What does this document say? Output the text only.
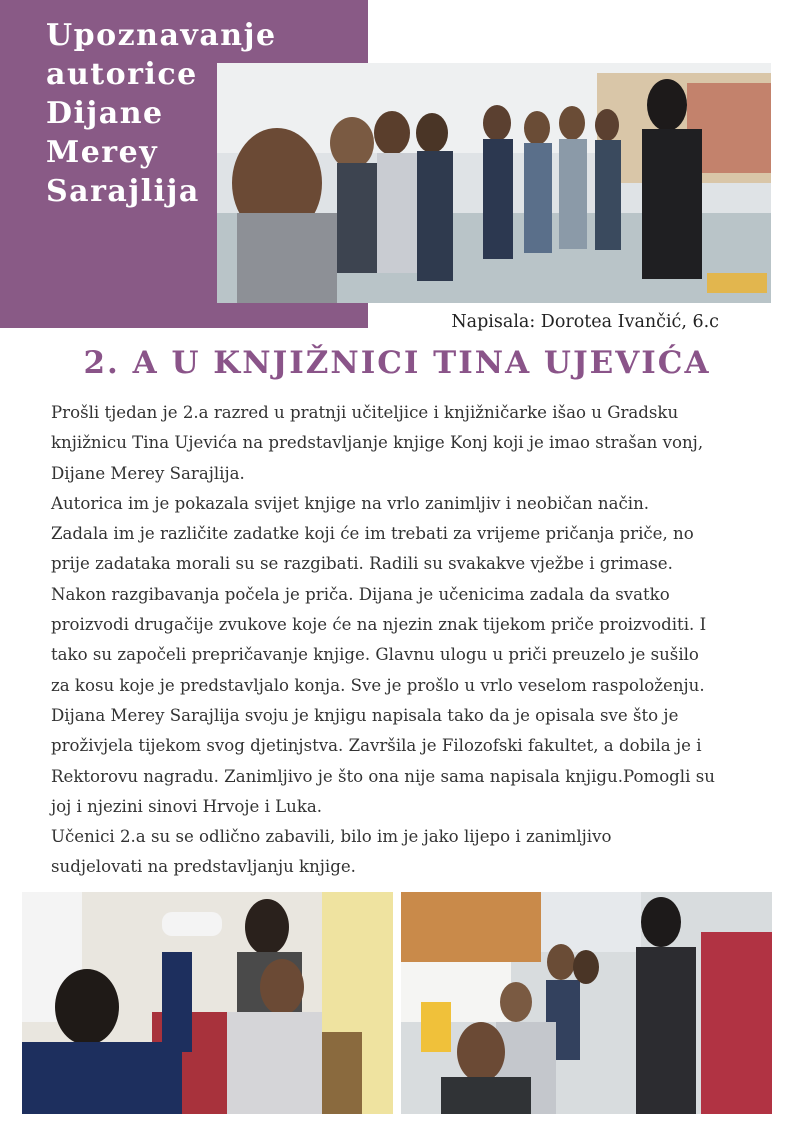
Upoznavanje
autorice
Dijane
Merey
Sarajlija
Napisala: Dorotea Ivančić, 6.c
2. A U KNJIŽNICI TINA UJEVIĆA
Prošli tjedan je 2.a razred u pratnji učiteljice i knjižničarke išao u Gradsku
knjižnicu Tina Ujevića na predstavljanje knjige Konj koji je imao strašan vonj,
Dijane Merey Sarajlija.
Autorica im je pokazala svijet knjige na vrlo zanimljiv i neobičan način.
Zadala im je različite zadatke koji će im trebati za vrijeme pričanja priče, no
prije zadataka morali su se razgibati. Radili su svakakve vježbe i grimase.
Nakon razgibavanja počela je priča. Dijana je učenicima zadala da svatko
proizvodi drugačije zvukove koje će na njezin znak tijekom priče proizvoditi. I
tako su započeli prepričavanje knjige. Glavnu ulogu u priči preuzelo je sušilo
za kosu koje je predstavljalo konja. Sve je prošlo u vrlo veselom raspoloženju.
Dijana Merey Sarajlija svoju je knjigu napisala tako da je opisala sve što je
proživjela tijekom svog djetinjstva. Završila je Filozofski fakultet, a dobila je i
Rektorovu nagradu. Zanimljivo je što ona nije sama napisala knjigu.Pomogli su
joj i njezini sinovi Hrvoje i Luka.
Učenici 2.a su se odlično zabavili, bilo im je jako lijepo i zanimljivo
sudjelovati na predstavljanju knjige.
